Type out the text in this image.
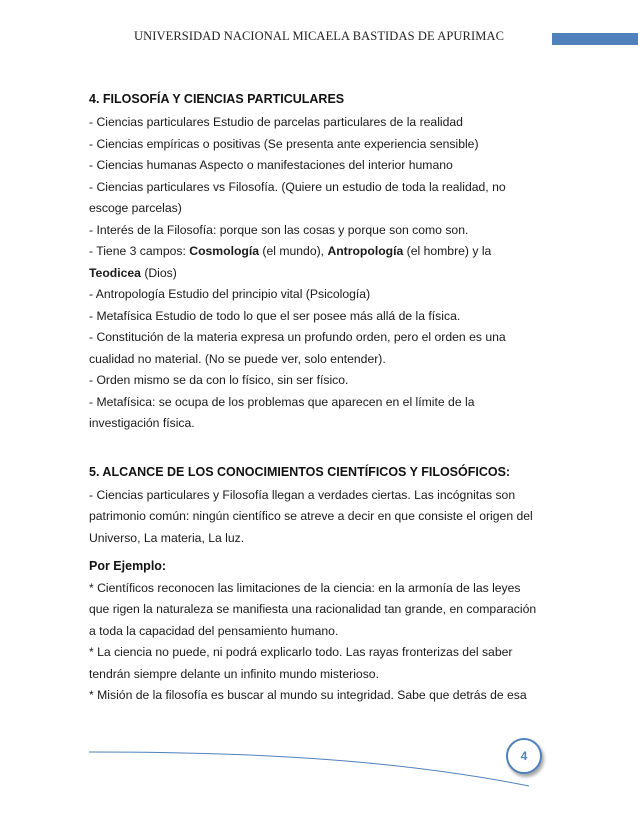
UNIVERSIDAD NACIONAL MICAELA BASTIDAS DE APURIMAC

4. FILOSOFÍA Y CIENCIAS PARTICULARES

- Ciencias particulares Estudio de parcelas particulares de la realidad

- Ciencias empíricas o positivas (Se presenta ante experiencia sensible)

- Ciencias humanas Aspecto o manifestaciones del interior humano

- Ciencias particulares vs Filosofía. (Quiere un estudio de toda la realidad, no

escoge parcelas)

- Interés de la Filosofía: porque son las cosas y porque son como son.

- Tiene 3 campos: Cosmología (el mundo), Antropología (el hombre) y la

Teodicea (Dios)

- Antropología Estudio del principio vital (Psicología)

- Metafísica Estudio de todo lo que el ser posee más allá de la física.

- Constitución de la materia expresa un profundo orden, pero el orden es una

cualidad no material. (No se puede ver, solo entender).

- Orden mismo se da con lo físico, sin ser físico.

- Metafísica: se ocupa de los problemas que aparecen en el límite de la

investigación física.

5. ALCANCE DE LOS CONOCIMIENTOS CIENTÍFICOS Y FILOSÓFICOS:

- Ciencias particulares y Filosofía llegan a verdades ciertas. Las incógnitas son

patrimonio común: ningún científico se atreve a decir en que consiste el origen del

Universo, La materia, La luz.

Por Ejemplo:

* Científicos reconocen las limitaciones de la ciencia: en la armonía de las leyes

que rigen la naturaleza se manifiesta una racionalidad tan grande, en comparación

a toda la capacidad del pensamiento humano.

* La ciencia no puede, ni podrá explicarlo todo. Las rayas fronterizas del saber

tendrán siempre delante un infinito mundo misterioso.

* Misión de la filosofía es buscar al mundo su integridad. Sabe que detrás de esa

4
